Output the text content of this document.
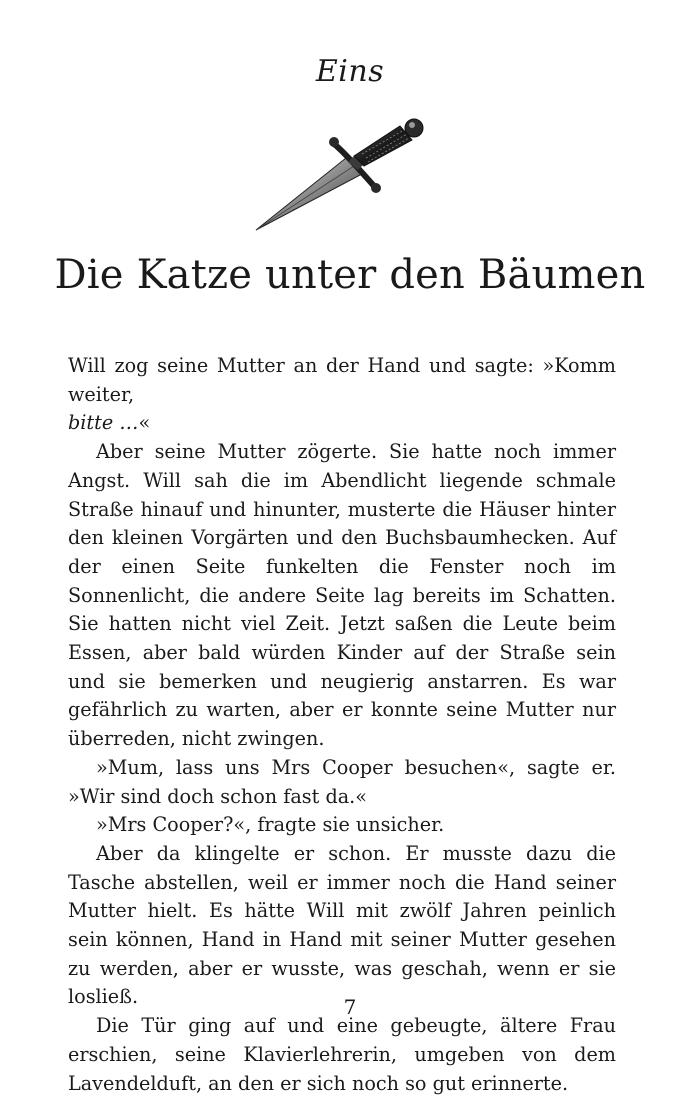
Eins
Die Katze unter den Bäumen

Will zog seine Mutter an der Hand und sagte: »Komm weiter,

bitte …«

Aber seine Mutter zögerte. Sie hatte noch immer Angst. Will sah die im Abendlicht liegende schmale Straße hinauf und hinunter, musterte die Häuser hinter den kleinen Vorgärten und den Buchsbaumhecken. Auf der einen Seite funkelten die Fenster noch im Sonnenlicht, die andere Seite lag bereits im Schatten. Sie hatten nicht viel Zeit. Jetzt saßen die Leute beim Essen, aber bald würden Kinder auf der Straße sein und sie bemerken und neugierig anstarren. Es war gefährlich zu warten, aber er konnte seine Mutter nur überreden, nicht zwingen.

»Mum, lass uns Mrs Cooper besuchen«, sagte er. »Wir sind doch schon fast da.«

»Mrs Cooper?«, fragte sie unsicher.

Aber da klingelte er schon. Er musste dazu die Tasche abstellen, weil er immer noch die Hand seiner Mutter hielt. Es hätte Will mit zwölf Jahren peinlich sein können, Hand in Hand mit seiner Mutter gesehen zu werden, aber er wusste, was geschah, wenn er sie losließ.

Die Tür ging auf und eine gebeugte, ältere Frau erschien, seine Klavierlehrerin, umgeben von dem Lavendelduft, an den er sich noch so gut erinnerte.

7
